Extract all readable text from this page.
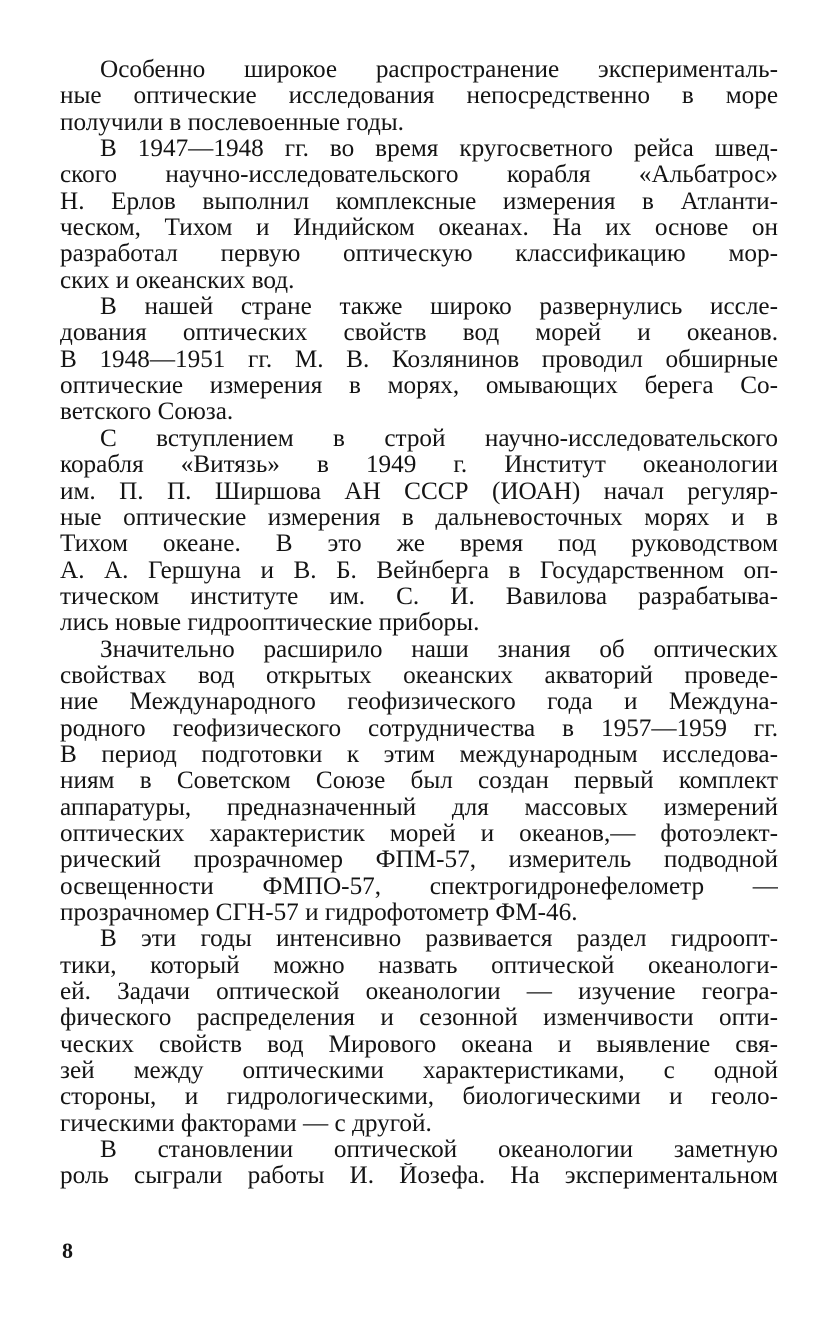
Особенно широкое распространение эксперименталь-
ные оптические исследования непосредственно в море
получили в послевоенные годы.
В 1947—1948 гг. во время кругосветного рейса швед-
ского научно-исследовательского корабля «Альбатрос»
Н. Ерлов выполнил комплексные измерения в Атланти-
ческом, Тихом и Индийском океанах. На их основе он
разработал первую оптическую классификацию мор-
ских и океанских вод.
В нашей стране также широко развернулись иссле-
дования оптических свойств вод морей и океанов.
В 1948—1951 гг. М. В. Козлянинов проводил обширные
оптические измерения в морях, омывающих берега Со-
ветского Союза.
С вступлением в строй научно-исследовательского
корабля «Витязь» в 1949 г. Институт океанологии
им. П. П. Ширшова АН СССР (ИОАН) начал регуляр-
ные оптические измерения в дальневосточных морях и в
Тихом океане. В это же время под руководством
А. А. Гершуна и В. Б. Вейнберга в Государственном оп-
тическом институте им. С. И. Вавилова разрабатыва-
лись новые гидрооптические приборы.
Значительно расширило наши знания об оптических
свойствах вод открытых океанских акваторий проведе-
ние Международного геофизического года и Междуна-
родного геофизического сотрудничества в 1957—1959 гг.
В период подготовки к этим международным исследова-
ниям в Советском Союзе был создан первый комплект
аппаратуры, предназначенный для массовых измерений
оптических характеристик морей и океанов,— фотоэлект-
рический прозрачномер ФПМ-57, измеритель подводной
освещенности ФМПО-57, спектрогидронефелометр —
прозрачномер СГН-57 и гидрофотометр ФМ-46.
В эти годы интенсивно развивается раздел гидроопт-
тики, который можно назвать оптической океанологи-
ей. Задачи оптической океанологии — изучение геогра-
фического распределения и сезонной изменчивости опти-
ческих свойств вод Мирового океана и выявление свя-
зей между оптическими характеристиками, с одной
стороны, и гидрологическими, биологическими и геоло-
гическими факторами — с другой.
В становлении оптической океанологии заметную
роль сыграли работы И. Йозефа. На экспериментальном
8
